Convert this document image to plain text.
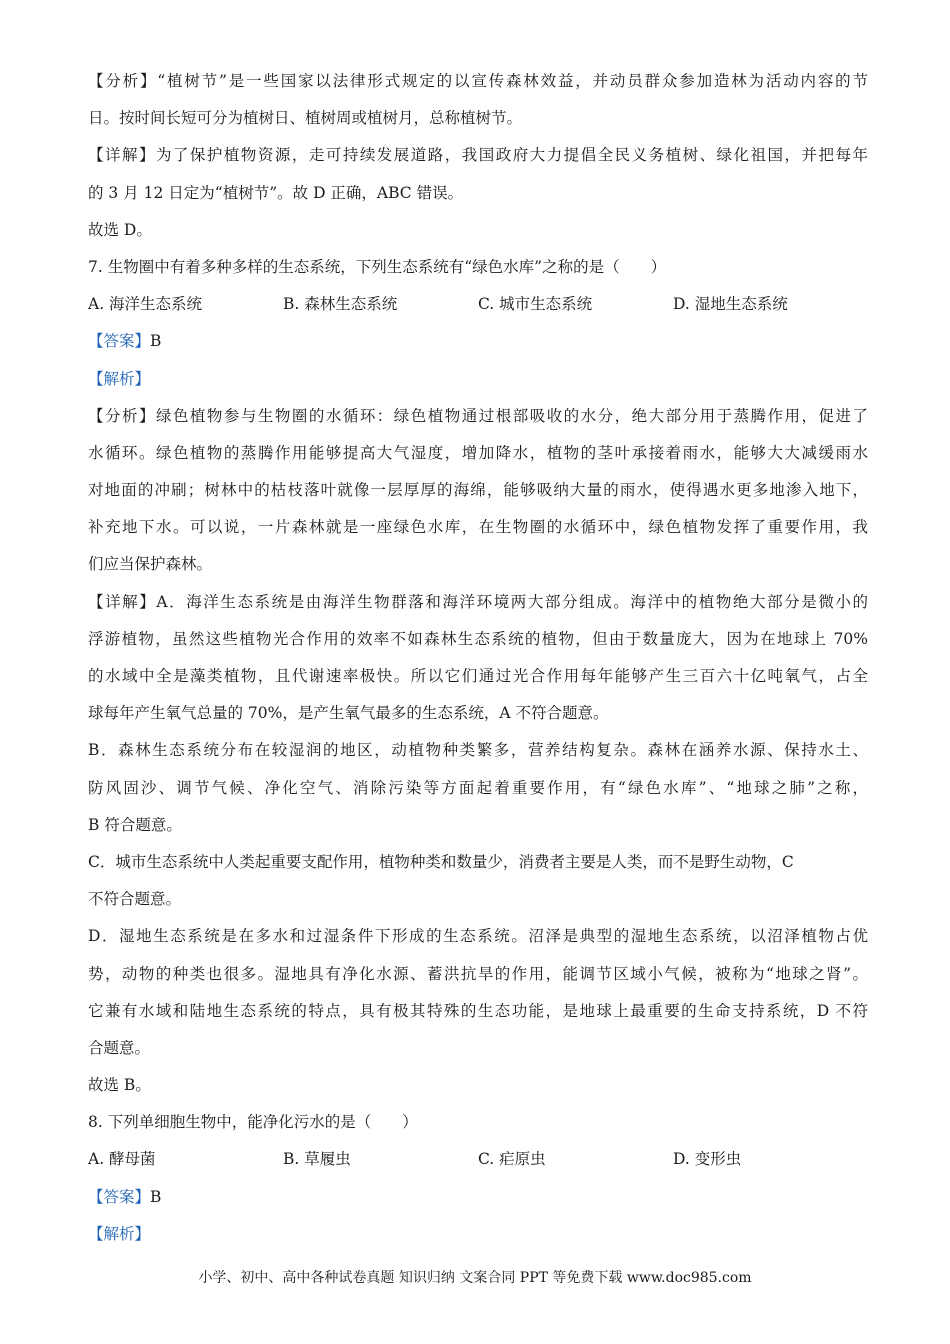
【分析】“植树节”是一些国家以法律形式规定的以宣传森林效益，并动员群众参加造林为活动内容的节
日。按时间长短可分为植树日、植树周或植树月，总称植树节。
【详解】为了保护植物资源，走可持续发展道路，我国政府大力提倡全民义务植树、绿化祖国，并把每年
的 3 月 12 日定为“植树节”。故 D 正确，ABC 错误。
故选 D。
7. 生物圈中有着多种多样的生态系统，下列生态系统有“绿色水库”之称的是（　　）
A. 海洋生态系统	B. 森林生态系统	C. 城市生态系统	D. 湿地生态系统
【答案】B
【解析】
【分析】绿色植物参与生物圈的水循环：绿色植物通过根部吸收的水分，绝大部分用于蒸腾作用，促进了
水循环。绿色植物的蒸腾作用能够提高大气湿度，增加降水，植物的茎叶承接着雨水，能够大大减缓雨水
对地面的冲刷；树林中的枯枝落叶就像一层厚厚的海绵，能够吸纳大量的雨水，使得遇水更多地渗入地下，
补充地下水。可以说，一片森林就是一座绿色水库，在生物圈的水循环中，绿色植物发挥了重要作用，我
们应当保护森林。
【详解】A．海洋生态系统是由海洋生物群落和海洋环境两大部分组成。海洋中的植物绝大部分是微小的
浮游植物，虽然这些植物光合作用的效率不如森林生态系统的植物，但由于数量庞大，因为在地球上 70%
的水域中全是藻类植物，且代谢速率极快。所以它们通过光合作用每年能够产生三百六十亿吨氧气，占全
球每年产生氧气总量的 70%，是产生氧气最多的生态系统，A 不符合题意。
B．森林生态系统分布在较湿润的地区，动植物种类繁多，营养结构复杂。森林在涵养水源、保持水土、
防风固沙、调节气候、净化空气、消除污染等方面起着重要作用，有“绿色水库”、“地球之肺”之称，
B 符合题意。
C．城市生态系统中人类起重要支配作用，植物种类和数量少，消费者主要是人类，而不是野生动物，C
不符合题意。
D．湿地生态系统是在多水和过湿条件下形成的生态系统。沼泽是典型的湿地生态系统，以沼泽植物占优
势，动物的种类也很多。湿地具有净化水源、蓄洪抗旱的作用，能调节区域小气候，被称为“地球之肾”。
它兼有水域和陆地生态系统的特点，具有极其特殊的生态功能，是地球上最重要的生命支持系统，D 不符
合题意。
故选 B。
8. 下列单细胞生物中，能净化污水的是（　　）
A. 酵母菌	B. 草履虫	C. 疟原虫	D. 变形虫
【答案】B
【解析】
小学、初中、高中各种试卷真题 知识归纳 文案合同 PPT 等免费下载 www.doc985.com
